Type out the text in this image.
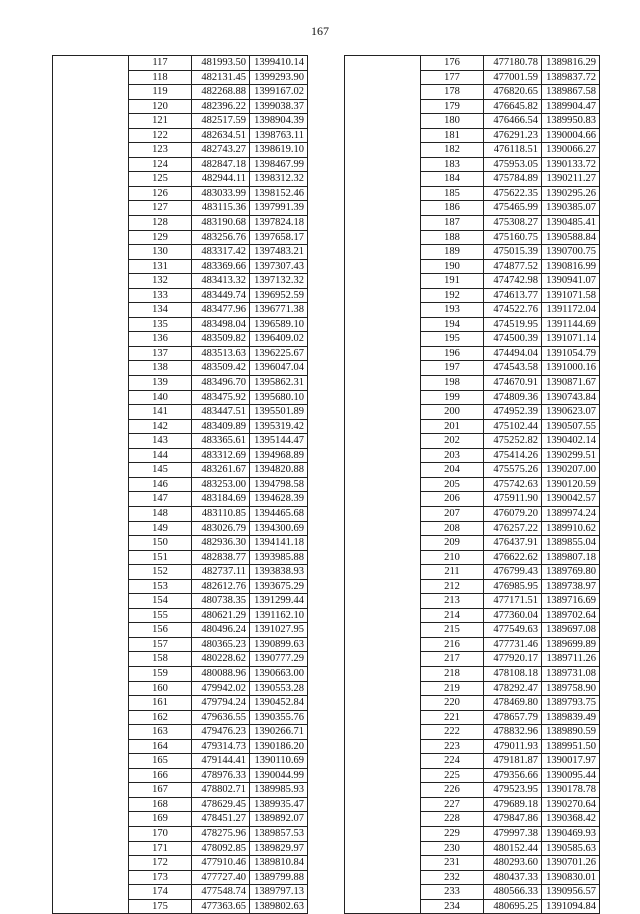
167
	117	481993.50	1399410.14
	118	482131.45	1399293.90
	119	482268.88	1399167.02
	120	482396.22	1399038.37
	121	482517.59	1398904.39
	122	482634.51	1398763.11
	123	482743.27	1398619.10
	124	482847.18	1398467.99
	125	482944.11	1398312.32
	126	483033.99	1398152.46
	127	483115.36	1397991.39
	128	483190.68	1397824.18
	129	483256.76	1397658.17
	130	483317.42	1397483.21
	131	483369.66	1397307.43
	132	483413.32	1397132.32
	133	483449.74	1396952.59
	134	483477.96	1396771.38
	135	483498.04	1396589.10
	136	483509.82	1396409.02
	137	483513.63	1396225.67
	138	483509.42	1396047.04
	139	483496.70	1395862.31
	140	483475.92	1395680.10
	141	483447.51	1395501.89
	142	483409.89	1395319.42
	143	483365.61	1395144.47
	144	483312.69	1394968.89
	145	483261.67	1394820.88
	146	483253.00	1394798.58
	147	483184.69	1394628.39
	148	483110.85	1394465.68
	149	483026.79	1394300.69
	150	482936.30	1394141.18
	151	482838.77	1393985.88
	152	482737.11	1393838.93
	153	482612.76	1393675.29
	154	480738.35	1391299.44
	155	480621.29	1391162.10
	156	480496.24	1391027.95
	157	480365.23	1390899.63
	158	480228.62	1390777.29
	159	480088.96	1390663.00
	160	479942.02	1390553.28
	161	479794.24	1390452.84
	162	479636.55	1390355.76
	163	479476.23	1390266.71
	164	479314.73	1390186.20
	165	479144.41	1390110.69
	166	478976.33	1390044.99
	167	478802.71	1389985.93
	168	478629.45	1389935.47
	169	478451.27	1389892.07
	170	478275.96	1389857.53
	171	478092.85	1389829.97
	172	477910.46	1389810.84
	173	477727.40	1389799.88
	174	477548.74	1389797.13
	175	477363.65	1389802.63
	176	477180.78	1389816.29
	177	477001.59	1389837.72
	178	476820.65	1389867.58
	179	476645.82	1389904.47
	180	476466.54	1389950.83
	181	476291.23	1390004.66
	182	476118.51	1390066.27
	183	475953.05	1390133.72
	184	475784.89	1390211.27
	185	475622.35	1390295.26
	186	475465.99	1390385.07
	187	475308.27	1390485.41
	188	475160.75	1390588.84
	189	475015.39	1390700.75
	190	474877.52	1390816.99
	191	474742.98	1390941.07
	192	474613.77	1391071.58
	193	474522.76	1391172.04
	194	474519.95	1391144.69
	195	474500.39	1391071.14
	196	474494.04	1391054.79
	197	474543.58	1391000.16
	198	474670.91	1390871.67
	199	474809.36	1390743.84
	200	474952.39	1390623.07
	201	475102.44	1390507.55
	202	475252.82	1390402.14
	203	475414.26	1390299.51
	204	475575.26	1390207.00
	205	475742.63	1390120.59
	206	475911.90	1390042.57
	207	476079.20	1389974.24
	208	476257.22	1389910.62
	209	476437.91	1389855.04
	210	476622.62	1389807.18
	211	476799.43	1389769.80
	212	476985.95	1389738.97
	213	477171.51	1389716.69
	214	477360.04	1389702.64
	215	477549.63	1389697.08
	216	477731.46	1389699.89
	217	477920.17	1389711.26
	218	478108.18	1389731.08
	219	478292.47	1389758.90
	220	478469.80	1389793.75
	221	478657.79	1389839.49
	222	478832.96	1389890.59
	223	479011.93	1389951.50
	224	479181.87	1390017.97
	225	479356.66	1390095.44
	226	479523.95	1390178.78
	227	479689.18	1390270.64
	228	479847.86	1390368.42
	229	479997.38	1390469.93
	230	480152.44	1390585.63
	231	480293.60	1390701.26
	232	480437.33	1390830.01
	233	480566.33	1390956.57
	234	480695.25	1391094.84
